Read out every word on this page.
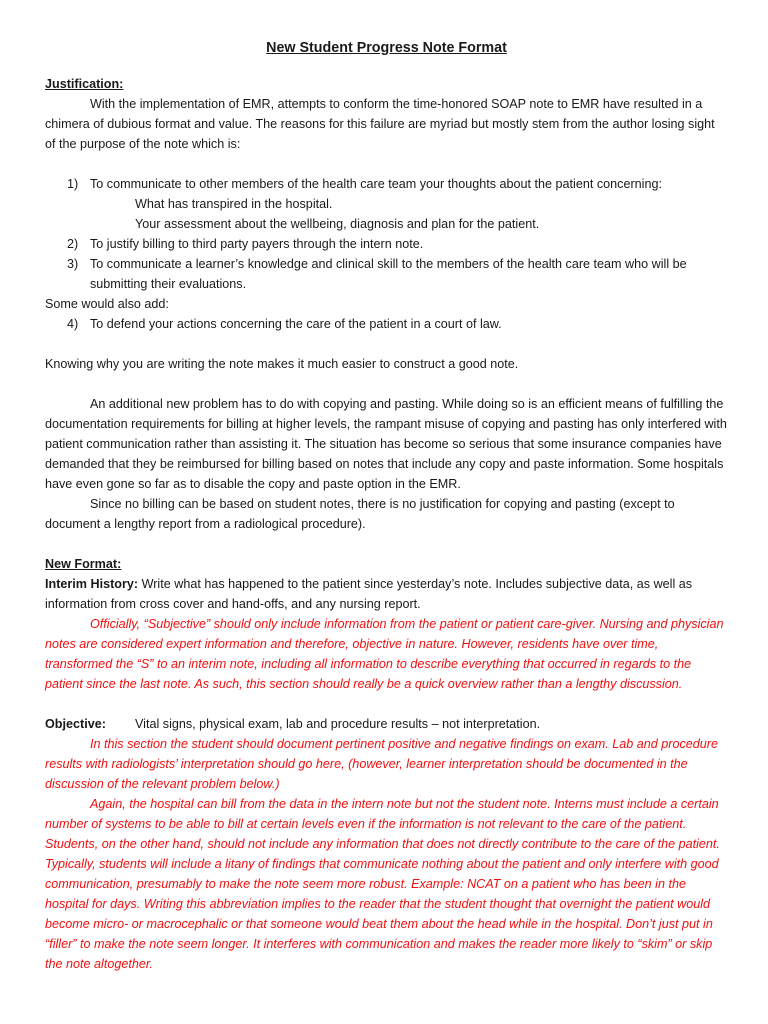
New Student Progress Note Format
Justification:

With the implementation of EMR, attempts to conform the time-honored SOAP note to EMR have resulted in a chimera of dubious format and value. The reasons for this failure are myriad but mostly stem from the author losing sight of the purpose of the note which is:

1) To communicate to other members of the health care team your thoughts about the patient concerning:
What has transpired in the hospital.
Your assessment about the wellbeing, diagnosis and plan for the patient.
2) To justify billing to third party payers through the intern note.
3) To communicate a learner’s knowledge and clinical skill to the members of the health care team who will be submitting their evaluations.

Some would also add:

4) To defend your actions concerning the care of the patient in a court of law.

Knowing why you are writing the note makes it much easier to construct a good note.

An additional new problem has to do with copying and pasting. While doing so is an efficient means of fulfilling the documentation requirements for billing at higher levels, the rampant misuse of copying and pasting has only interfered with patient communication rather than assisting it. The situation has become so serious that some insurance companies have demanded that they be reimbursed for billing based on notes that include any copy and paste information. Some hospitals have even gone so far as to disable the copy and paste option in the EMR.

Since no billing can be based on student notes, there is no justification for copying and pasting (except to document a lengthy report from a radiological procedure).

New Format:

Interim History: Write what has happened to the patient since yesterday’s note. Includes subjective data, as well as information from cross cover and hand-offs, and any nursing report.

Officially, “Subjective” should only include information from the patient or patient care-giver. Nursing and physician notes are considered expert information and therefore, objective in nature. However, residents have over time, transformed the “S” to an interim note, including all information to describe everything that occurred in regards to the patient since the last note. As such, this section should really be a quick overview rather than a lengthy discussion.

Objective: Vital signs, physical exam, lab and procedure results – not interpretation.

In this section the student should document pertinent positive and negative findings on exam. Lab and procedure results with radiologists’ interpretation should go here, (however, learner interpretation should be documented in the discussion of the relevant problem below.)

Again, the hospital can bill from the data in the intern note but not the student note. Interns must include a certain number of systems to be able to bill at certain levels even if the information is not relevant to the care of the patient. Students, on the other hand, should not include any information that does not directly contribute to the care of the patient. Typically, students will include a litany of findings that communicate nothing about the patient and only interfere with good communication, presumably to make the note seem more robust. Example: NCAT on a patient who has been in the hospital for days. Writing this abbreviation implies to the reader that the student thought that overnight the patient would become micro- or macrocephalic or that someone would beat them about the head while in the hospital. Don’t just put in “filler” to make the note seem longer. It interferes with communication and makes the reader more likely to “skim” or skip the note altogether.
